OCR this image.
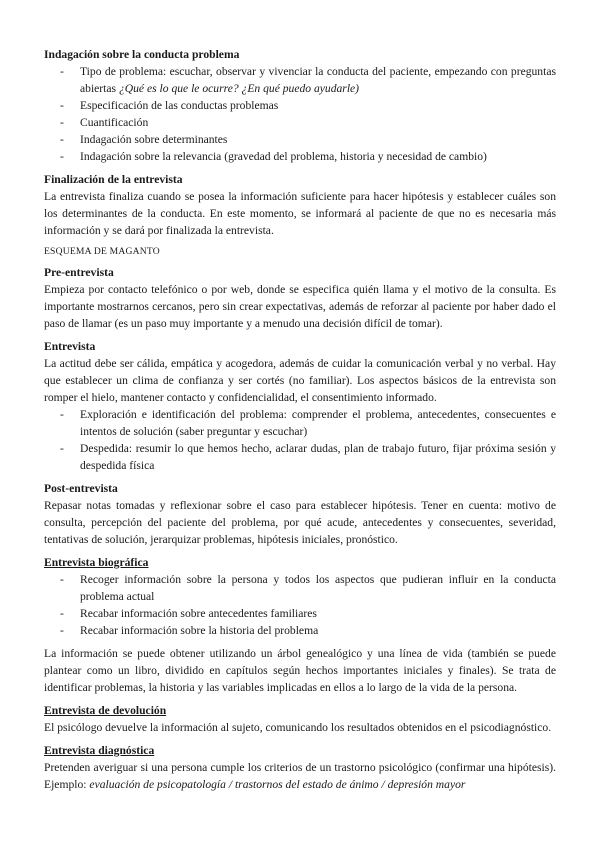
Indagación sobre la conducta problema
- Tipo de problema: escuchar, observar y vivenciar la conducta del paciente, empezando con preguntas abiertas ¿Qué es lo que le ocurre? ¿En qué puedo ayudarle)
- Especificación de las conductas problemas
- Cuantificación
- Indagación sobre determinantes
- Indagación sobre la relevancia (gravedad del problema, historia y necesidad de cambio)
Finalización de la entrevista

La entrevista finaliza cuando se posea la información suficiente para hacer hipótesis y establecer cuáles son los determinantes de la conducta. En este momento, se informará al paciente de que no es necesaria más información y se dará por finalizada la entrevista.

ESQUEMA DE MAGANTO
Pre-entrevista

Empieza por contacto telefónico o por web, donde se especifica quién llama y el motivo de la consulta. Es importante mostrarnos cercanos, pero sin crear expectativas, además de reforzar al paciente por haber dado el paso de llamar (es un paso muy importante y a menudo una decisión difícil de tomar).

Entrevista

La actitud debe ser cálida, empática y acogedora, además de cuidar la comunicación verbal y no verbal. Hay que establecer un clima de confianza y ser cortés (no familiar). Los aspectos básicos de la entrevista son romper el hielo, mantener contacto y confidencialidad, el consentimiento informado.

- Exploración e identificación del problema: comprender el problema, antecedentes, consecuentes e intentos de solución (saber preguntar y escuchar)
- Despedida: resumir lo que hemos hecho, aclarar dudas, plan de trabajo futuro, fijar próxima sesión y despedida física
Post-entrevista

Repasar notas tomadas y reflexionar sobre el caso para establecer hipótesis. Tener en cuenta: motivo de consulta, percepción del paciente del problema, por qué acude, antecedentes y consecuentes, severidad, tentativas de solución, jerarquizar problemas, hipótesis iniciales, pronóstico.

Entrevista biográfica
- Recoger información sobre la persona y todos los aspectos que pudieran influir en la conducta problema actual
- Recabar información sobre antecedentes familiares
- Recabar información sobre la historia del problema

La información se puede obtener utilizando un árbol genealógico y una línea de vida (también se puede plantear como un libro, dividido en capítulos según hechos importantes iniciales y finales). Se trata de identificar problemas, la historia y las variables implicadas en ellos a lo largo de la vida de la persona.

Entrevista de devolución

El psicólogo devuelve la información al sujeto, comunicando los resultados obtenidos en el psicodiagnóstico.

Entrevista diagnóstica

Pretenden averiguar si una persona cumple los criterios de un trastorno psicológico (confirmar una hipótesis). Ejemplo: evaluación de psicopatología / trastornos del estado de ánimo / depresión mayor
